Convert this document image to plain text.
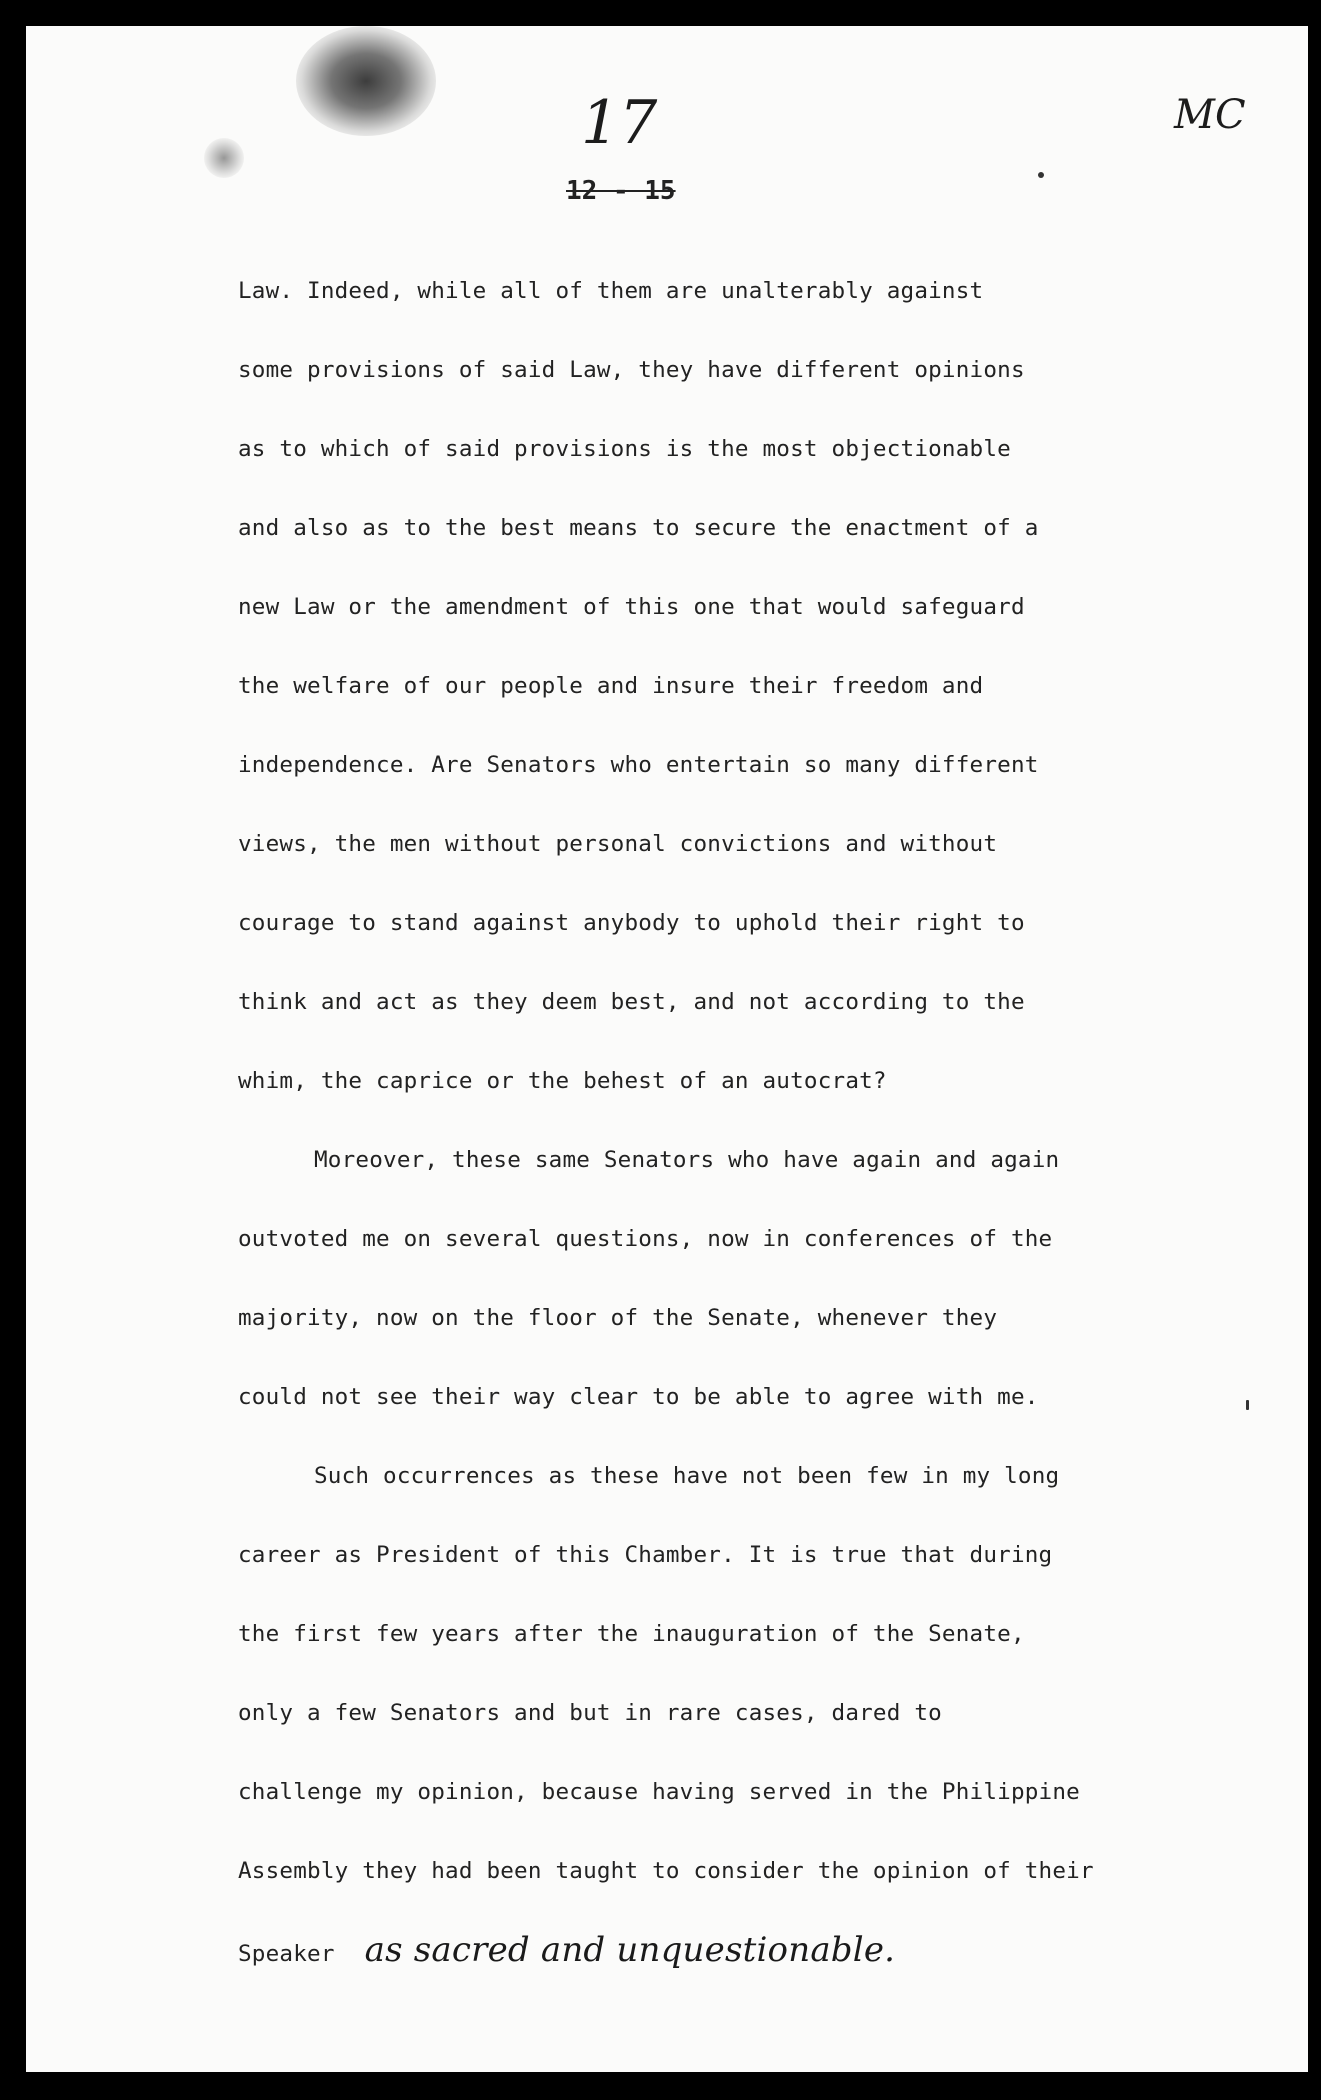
17	MC
12 - 15
Law. Indeed, while all of them are unalterably against
some provisions of said Law, they have different opinions
as to which of said provisions is the most objectionable
and also as to the best means to secure the enactment of a
new Law or the amendment of this one that would safeguard
the welfare of our people and insure their freedom and
independence. Are Senators who entertain so many different
views, the men without personal convictions and without
courage to stand against anybody to uphold their right to
think and act as they deem best, and not according to the
whim, the caprice or the behest of an autocrat?
Moreover, these same Senators who have again and again
outvoted me on several questions, now in conferences of the
majority, now on the floor of the Senate, whenever they
could not see their way clear to be able to agree with me.
Such occurrences as these have not been few in my long
career as President of this Chamber. It is true that during
the first few years after the inauguration of the Senate,
only a few Senators and but in rare cases, dared to
challenge my opinion, because having served in the Philippine
Assembly they had been taught to consider the opinion of their
Speaker as sacred and unquestionable.
